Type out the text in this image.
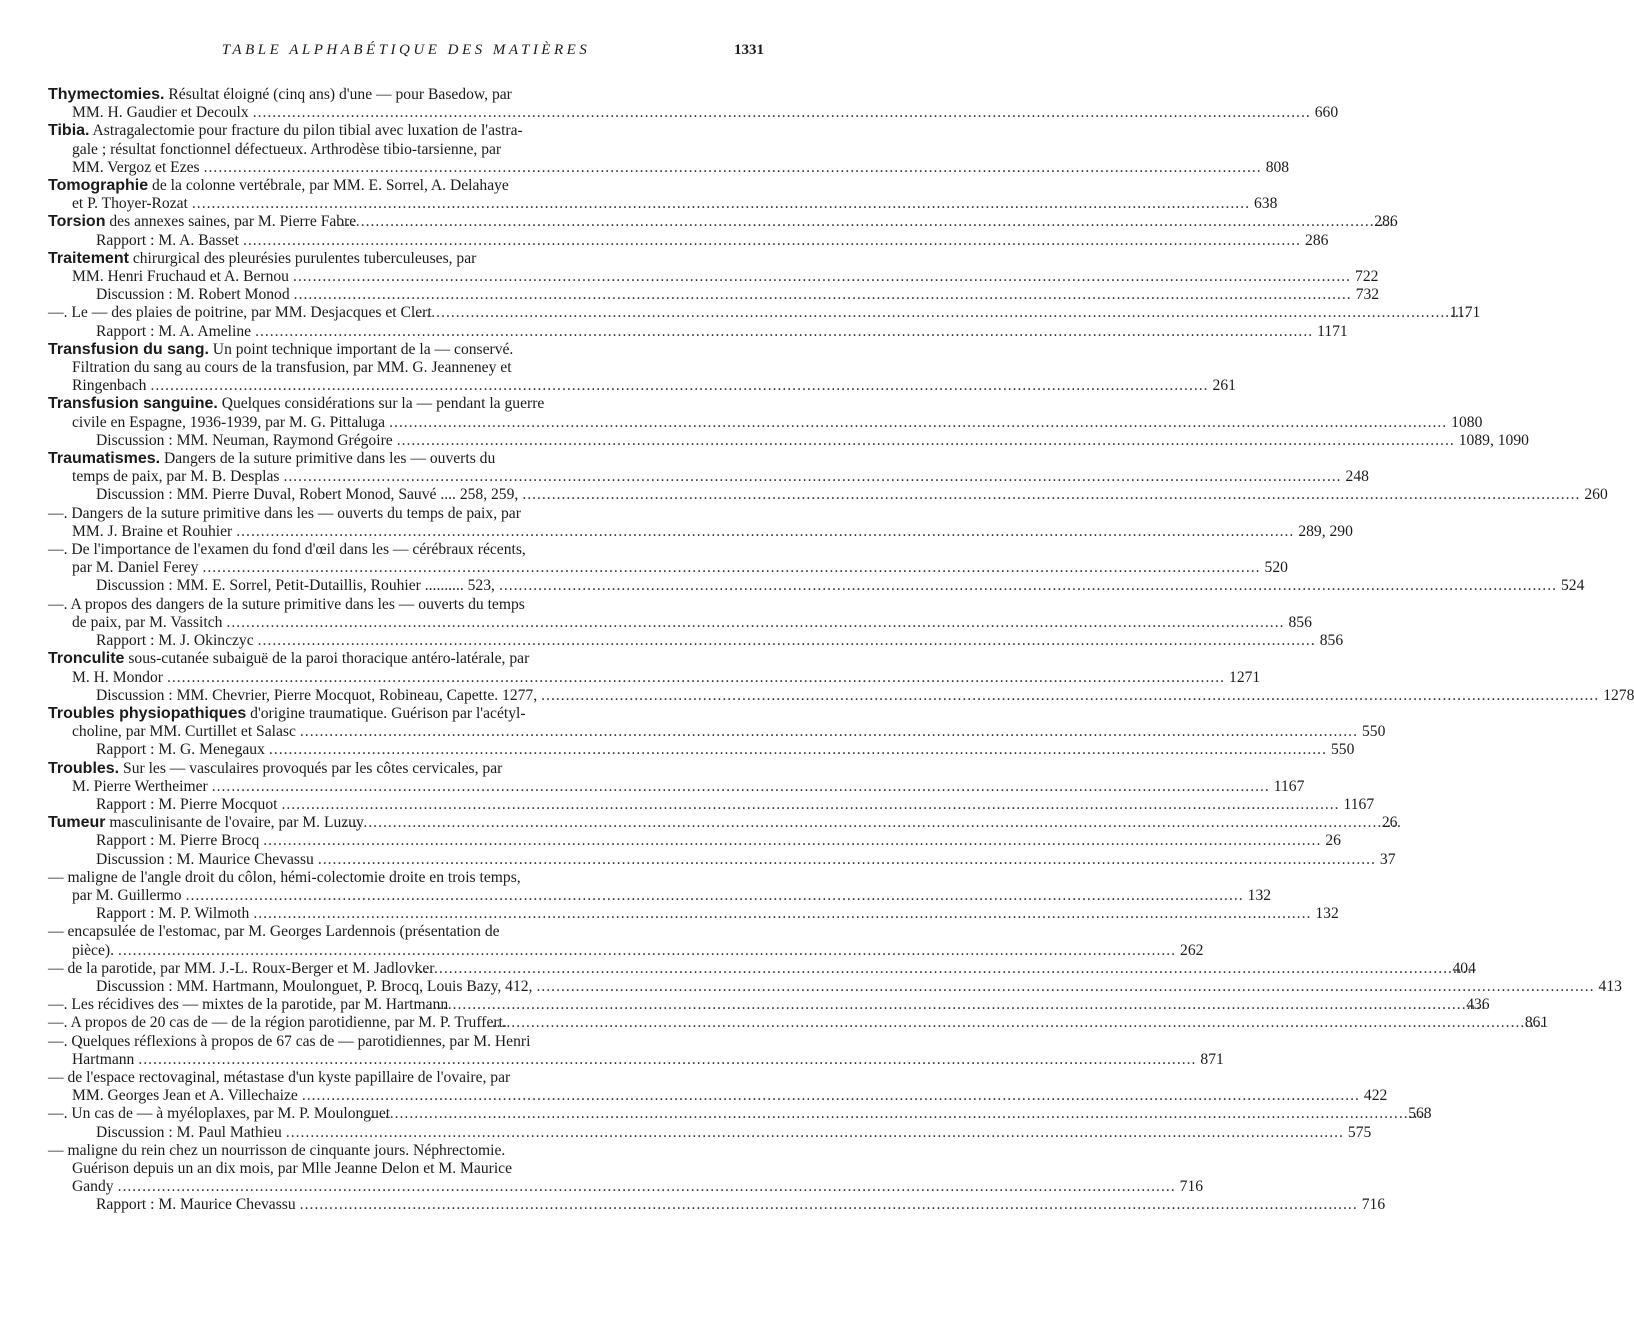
TABLE ALPHABÉTIQUE DES MATIÈRES	1331
Thymectomies. Résultat éloigné (cinq ans) d'une — pour Basedow, par
MM. H. Gaudier et Decoulx .....	660
Tibia. Astragalectomie pour fracture du pilon tibial avec luxation de l'astra-
gale ; résultat fonctionnel défectueux. Arthrodèse tibio-tarsienne, par
MM. Vergoz et Ezes .....	808
Tomographie de la colonne vertébrale, par MM. E. Sorrel, A. Delahaye
et P. Thoyer-Rozat .....	638
Torsion des annexes saines, par M. Pierre Fabre .....	286
Rapport : M. A. Basset .....	286
Traitement chirurgical des pleurésies purulentes tuberculeuses, par
MM. Henri Fruchaud et A. Bernou .....	722
Discussion : M. Robert Monod .....	732
—. Le — des plaies de poitrine, par MM. Desjacques et Clert .....	1171
Rapport : M. A. Ameline .....	1171
Transfusion du sang. Un point technique important de la — conservé.
Filtration du sang au cours de la transfusion, par MM. G. Jeanneney et
Ringenbach .....	261
Transfusion sanguine. Quelques considérations sur la — pendant la guerre
civile en Espagne, 1936-1939, par M. G. Pittaluga .....	1080
Discussion : MM. Neuman, Raymond Grégoire .....	1089, 1090
Traumatismes. Dangers de la suture primitive dans les — ouverts du
temps de paix, par M. B. Desplas .....	248
Discussion : MM. Pierre Duval, Robert Monod, Sauvé .... 258, 259, .....	260
—. Dangers de la suture primitive dans les — ouverts du temps de paix, par
MM. J. Braine et Rouhier .....	289, 290
—. De l'importance de l'examen du fond d'œil dans les — cérébraux récents,
par M. Daniel Ferey .....	520
Discussion : MM. E. Sorrel, Petit-Dutaillis, Rouhier .......... 523, .....	524
—. A propos des dangers de la suture primitive dans les — ouverts du temps
de paix, par M. Vassitch .....	856
Rapport : M. J. Okinczyc .....	856
Tronculite sous-cutanée subaiguë de la paroi thoracique antéro-latérale, par
M. H. Mondor .....	1271
Discussion : MM. Chevrier, Pierre Mocquot, Robineau, Capette. 1277, .....	1278
Troubles physiopathiques d'origine traumatique. Guérison par l'acétyl-
choline, par MM. Curtillet et Salasc .....	550
Rapport : M. G. Menegaux .....	550
Troubles. Sur les — vasculaires provoqués par les côtes cervicales, par
M. Pierre Wertheimer .....	1167
Rapport : M. Pierre Mocquot .....	1167
Tumeur masculinisante de l'ovaire, par M. Luzuy .....	26
Rapport : M. Pierre Brocq .....	26
Discussion : M. Maurice Chevassu .....	37
— maligne de l'angle droit du côlon, hémi-colectomie droite en trois temps,
par M. Guillermo .....	132
Rapport : M. P. Wilmoth .....	132
— encapsulée de l'estomac, par M. Georges Lardennois (présentation de
pièce). .....	262
— de la parotide, par MM. J.-L. Roux-Berger et M. Jadlovker .....	404
Discussion : MM. Hartmann, Moulonguet, P. Brocq, Louis Bazy, 412, .....	413
—. Les récidives des — mixtes de la parotide, par M. Hartmann .....	436
—. A propos de 20 cas de — de la région parotidienne, par M. P. Truffert. .....	861
—. Quelques réflexions à propos de 67 cas de — parotidiennes, par M. Henri
Hartmann .....	871
— de l'espace rectovaginal, métastase d'un kyste papillaire de l'ovaire, par
MM. Georges Jean et A. Villechaize .....	422
—. Un cas de — à myéloplaxes, par M. P. Moulonguet .....	568
Discussion : M. Paul Mathieu .....	575
— maligne du rein chez un nourrisson de cinquante jours. Néphrectomie.
Guérison depuis un an dix mois, par Mlle Jeanne Delon et M. Maurice
Gandy .....	716
Rapport : M. Maurice Chevassu .....	716
